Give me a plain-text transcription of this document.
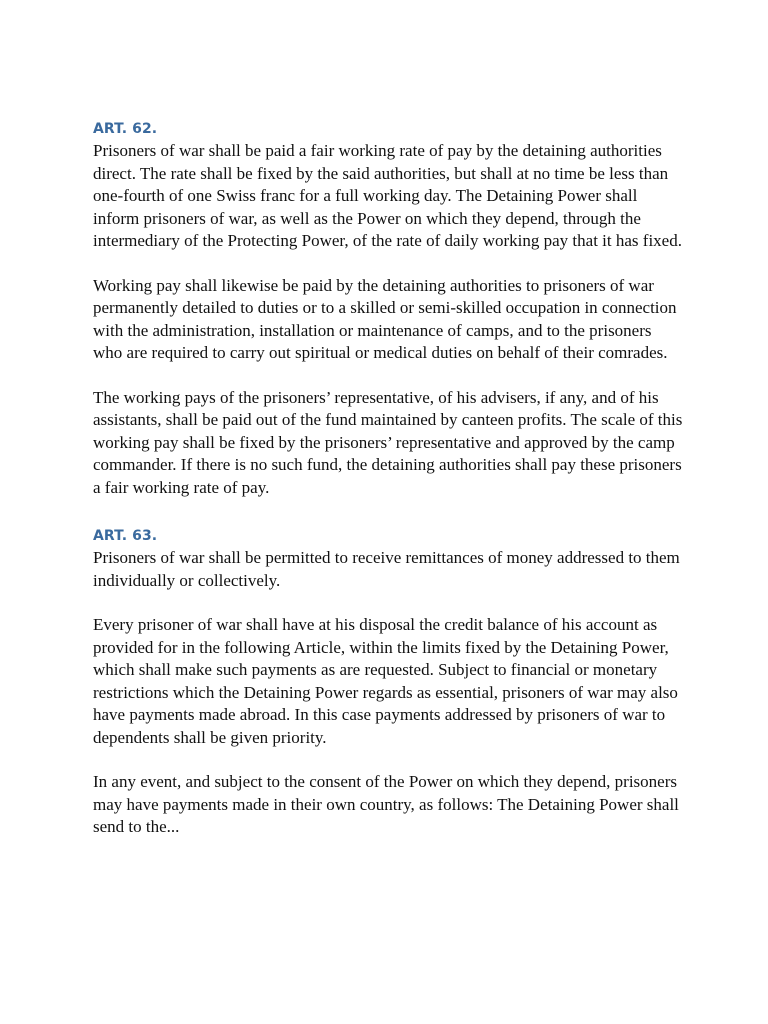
ART. 62.

Prisoners of war shall be paid a fair working rate of pay by the detaining authorities direct. The rate shall be fixed by the said authorities, but shall at no time be less than one-fourth of one Swiss franc for a full working day. The Detaining Power shall inform prisoners of war, as well as the Power on which they depend, through the intermediary of the Protecting Power, of the rate of daily working pay that it has fixed.

Working pay shall likewise be paid by the detaining authorities to prisoners of war permanently detailed to duties or to a skilled or semi-skilled occupation in connection with the administration, installation or maintenance of camps, and to the prisoners who are required to carry out spiritual or medical duties on behalf of their comrades.

The working pays of the prisoners’ representative, of his advisers, if any, and of his assistants, shall be paid out of the fund maintained by canteen profits. The scale of this working pay shall be fixed by the prisoners’ representative and approved by the camp commander. If there is no such fund, the detaining authorities shall pay these prisoners a fair working rate of pay.

ART. 63.

Prisoners of war shall be permitted to receive remittances of money addressed to them individually or collectively.

Every prisoner of war shall have at his disposal the credit balance of his account as provided for in the following Article, within the limits fixed by the Detaining Power, which shall make such payments as are requested. Subject to financial or monetary restrictions which the Detaining Power regards as essential, prisoners of war may also have payments made abroad. In this case payments addressed by prisoners of war to dependents shall be given priority.

In any event, and subject to the consent of the Power on which they depend, prisoners may have payments made in their own country, as follows: The Detaining Power shall send to the...
